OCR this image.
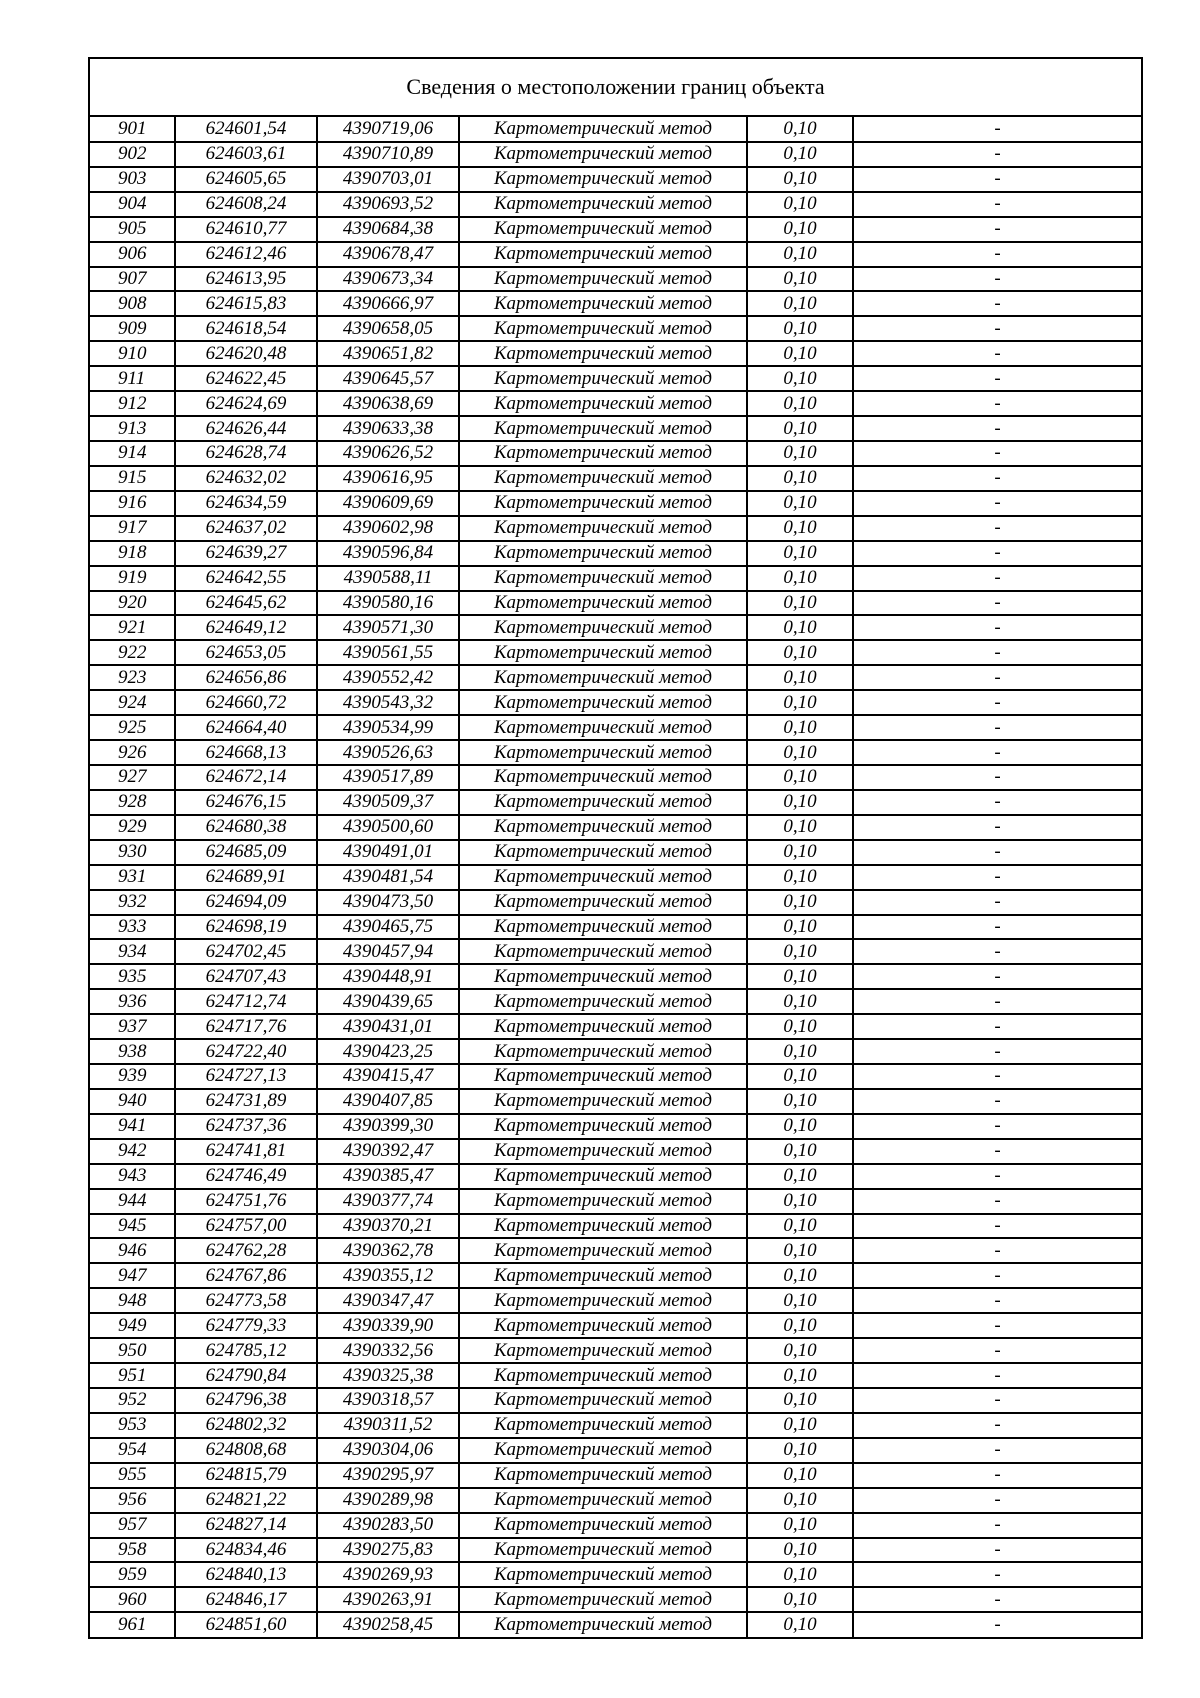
Сведения о местоположении границ объекта
901	624601,54	4390719,06	Картометрический метод	0,10	-
902	624603,61	4390710,89	Картометрический метод	0,10	-
903	624605,65	4390703,01	Картометрический метод	0,10	-
904	624608,24	4390693,52	Картометрический метод	0,10	-
905	624610,77	4390684,38	Картометрический метод	0,10	-
906	624612,46	4390678,47	Картометрический метод	0,10	-
907	624613,95	4390673,34	Картометрический метод	0,10	-
908	624615,83	4390666,97	Картометрический метод	0,10	-
909	624618,54	4390658,05	Картометрический метод	0,10	-
910	624620,48	4390651,82	Картометрический метод	0,10	-
911	624622,45	4390645,57	Картометрический метод	0,10	-
912	624624,69	4390638,69	Картометрический метод	0,10	-
913	624626,44	4390633,38	Картометрический метод	0,10	-
914	624628,74	4390626,52	Картометрический метод	0,10	-
915	624632,02	4390616,95	Картометрический метод	0,10	-
916	624634,59	4390609,69	Картометрический метод	0,10	-
917	624637,02	4390602,98	Картометрический метод	0,10	-
918	624639,27	4390596,84	Картометрический метод	0,10	-
919	624642,55	4390588,11	Картометрический метод	0,10	-
920	624645,62	4390580,16	Картометрический метод	0,10	-
921	624649,12	4390571,30	Картометрический метод	0,10	-
922	624653,05	4390561,55	Картометрический метод	0,10	-
923	624656,86	4390552,42	Картометрический метод	0,10	-
924	624660,72	4390543,32	Картометрический метод	0,10	-
925	624664,40	4390534,99	Картометрический метод	0,10	-
926	624668,13	4390526,63	Картометрический метод	0,10	-
927	624672,14	4390517,89	Картометрический метод	0,10	-
928	624676,15	4390509,37	Картометрический метод	0,10	-
929	624680,38	4390500,60	Картометрический метод	0,10	-
930	624685,09	4390491,01	Картометрический метод	0,10	-
931	624689,91	4390481,54	Картометрический метод	0,10	-
932	624694,09	4390473,50	Картометрический метод	0,10	-
933	624698,19	4390465,75	Картометрический метод	0,10	-
934	624702,45	4390457,94	Картометрический метод	0,10	-
935	624707,43	4390448,91	Картометрический метод	0,10	-
936	624712,74	4390439,65	Картометрический метод	0,10	-
937	624717,76	4390431,01	Картометрический метод	0,10	-
938	624722,40	4390423,25	Картометрический метод	0,10	-
939	624727,13	4390415,47	Картометрический метод	0,10	-
940	624731,89	4390407,85	Картометрический метод	0,10	-
941	624737,36	4390399,30	Картометрический метод	0,10	-
942	624741,81	4390392,47	Картометрический метод	0,10	-
943	624746,49	4390385,47	Картометрический метод	0,10	-
944	624751,76	4390377,74	Картометрический метод	0,10	-
945	624757,00	4390370,21	Картометрический метод	0,10	-
946	624762,28	4390362,78	Картометрический метод	0,10	-
947	624767,86	4390355,12	Картометрический метод	0,10	-
948	624773,58	4390347,47	Картометрический метод	0,10	-
949	624779,33	4390339,90	Картометрический метод	0,10	-
950	624785,12	4390332,56	Картометрический метод	0,10	-
951	624790,84	4390325,38	Картометрический метод	0,10	-
952	624796,38	4390318,57	Картометрический метод	0,10	-
953	624802,32	4390311,52	Картометрический метод	0,10	-
954	624808,68	4390304,06	Картометрический метод	0,10	-
955	624815,79	4390295,97	Картометрический метод	0,10	-
956	624821,22	4390289,98	Картометрический метод	0,10	-
957	624827,14	4390283,50	Картометрический метод	0,10	-
958	624834,46	4390275,83	Картометрический метод	0,10	-
959	624840,13	4390269,93	Картометрический метод	0,10	-
960	624846,17	4390263,91	Картометрический метод	0,10	-
961	624851,60	4390258,45	Картометрический метод	0,10	-
